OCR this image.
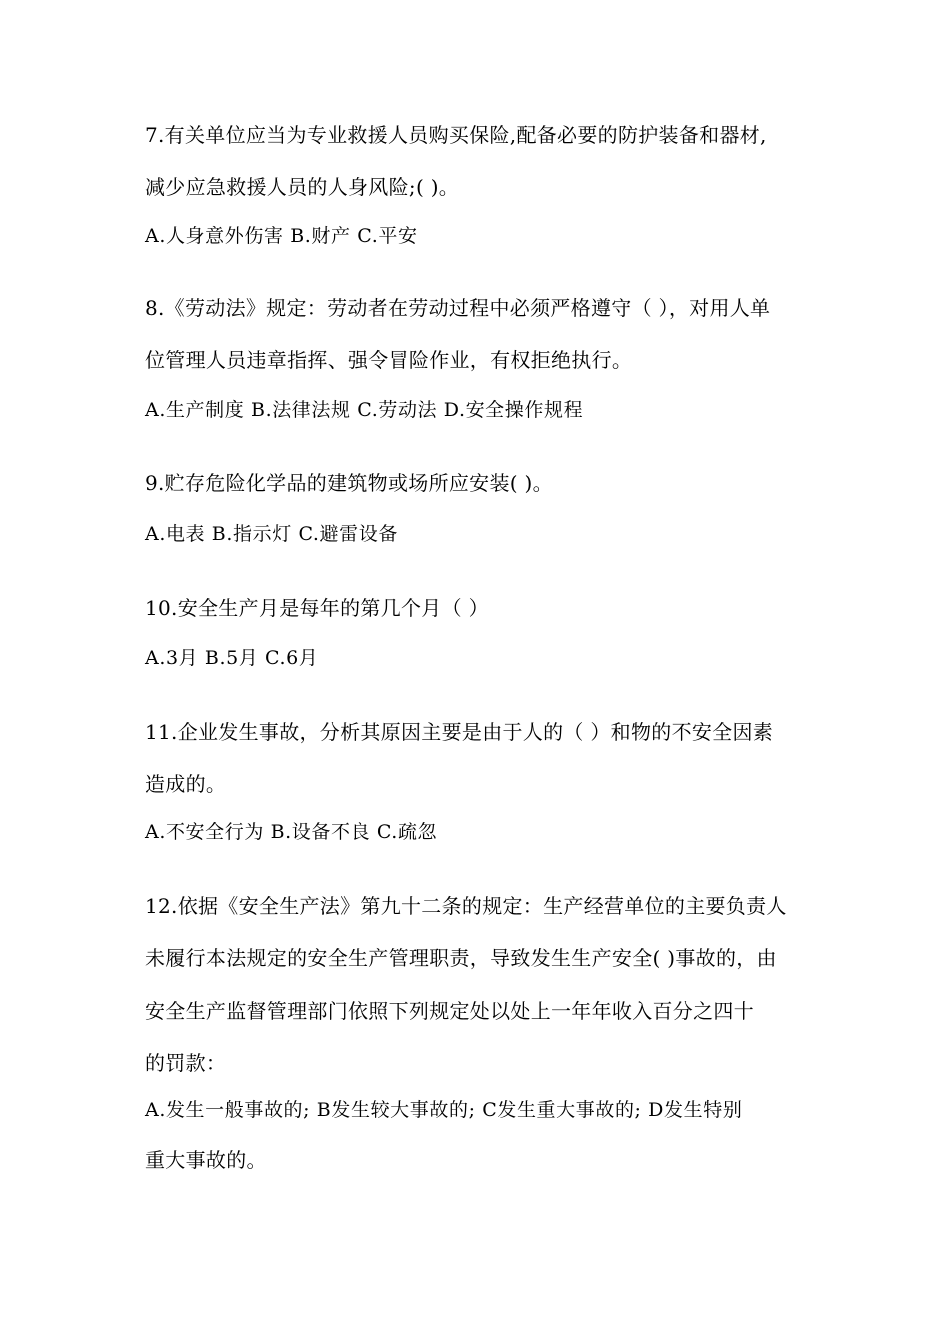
7.有关单位应当为专业救援人员购买保险,配备必要的防护装备和器材,
减少应急救援人员的人身风险;( )。
A.人身意外伤害 B.财产 C.平安
8.《劳动法》规定：劳动者在劳动过程中必须严格遵守（ ），对用人单
位管理人员违章指挥、强令冒险作业，有权拒绝执行。
A.生产制度 B.法律法规 C.劳动法 D.安全操作规程
9.贮存危险化学品的建筑物或场所应安装( )。
A.电表 B.指示灯 C.避雷设备
10.安全生产月是每年的第几个月（ ）
A.3月 B.5月 C.6月
11.企业发生事故，分析其原因主要是由于人的（ ）和物的不安全因素
造成的。
A.不安全行为 B.设备不良 C.疏忽
12.依据《安全生产法》第九十二条的规定：生产经营单位的主要负责人
未履行本法规定的安全生产管理职责，导致发生生产安全( )事故的，由
安全生产监督管理部门依照下列规定处以处上一年年收入百分之四十
的罚款：
A.发生一般事故的; B发生较大事故的; C发生重大事故的; D发生特别
重大事故的。
